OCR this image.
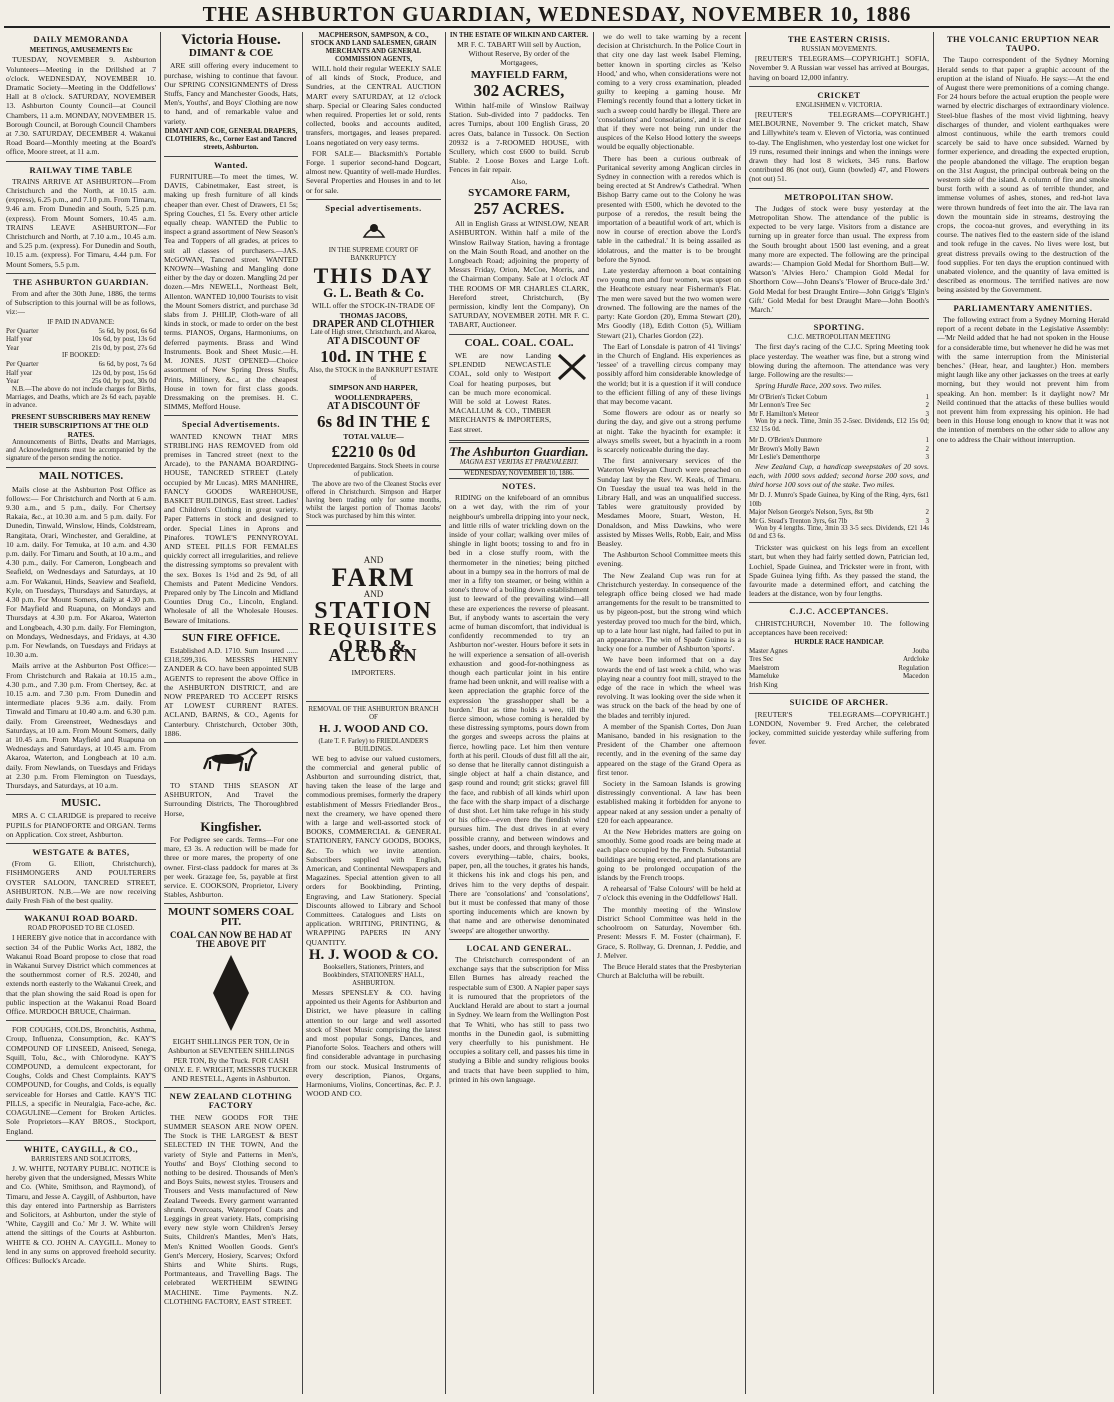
THE ASHBURTON GUARDIAN, WEDNESDAY, NOVEMBER 10, 1886
DAILY MEMORANDA
MEETINGS, AMUSEMENTS Etc

TUESDAY, NOVEMBER 9. Ashburton Volunteers—Meeting in the Drillshed at 7 o'clock. WEDNESDAY, NOVEMBER 10. Dramatic Society—Meeting in the Oddfellows' Hall at 8 o'clock. SATURDAY, NOVEMBER 13. Ashburton County Council—at Council Chambers, 11 a.m. MONDAY, NOVEMBER 15. Borough Council, at Borough Council Chambers at 7.30. SATURDAY, DECEMBER 4. Wakanui Road Board—Monthly meeting at the Board's office, Moore street, at 11 a.m.

RAILWAY TIME TABLE

TRAINS ARRIVE AT ASHBURTON—From Christchurch and the North, at 10.15 a.m. (express), 6.25 p.m., and 7.10 p.m. From Timaru, 9.46 a.m. From Dunedin and South, 5.25 p.m. (express). From Mount Somers, 10.45 a.m. TRAINS LEAVE ASHBURTON—For Christchurch and North, at 7.10 a.m., 10.45 a.m. and 5.25 p.m. (express). For Dunedin and South, 10.15 a.m. (express). For Timaru, 4.44 p.m. For Mount Somers, 5.5 p.m.

THE ASHBURTON GUARDIAN.

From and after the 30th June, 1886, the terms of Subscription to this journal will be as follows, viz:—

IF PAID IN ADVANCE:
Per Quarter	5s 6d, by post, 6s 6d
Half year	10s 6d, by post, 13s 6d
Year	21s 0d, by post, 27s 6d
IF BOOKED:
Per Quarter	6s 6d, by post, 7s 6d
Half year	12s 0d, by post, 15s 6d
Year	25s 0d, by post, 30s 0d

N.B.—The above do not include charges for Births, Marriages, and Deaths, which are 2s 6d each, payable in advance.

PRESENT SUBSCRIBERS MAY RENEW THEIR SUBSCRIPTIONS AT THE OLD RATES.

Announcements of Births, Deaths and Marriages, and Acknowledgments must be accompanied by the signature of the person sending the notice.

MAIL NOTICES.

Mails close at the Ashburton Post Office as follows:— For Christchurch and North at 6 a.m. 9.30 a.m., and 5 p.m., daily. For Chertsey Rakaia, &c., at 10.30 a.m. and 5 p.m. daily. For Dunedin, Tinwald, Winslow, Hinds, Coldstream, Rangitata, Orari, Winchester, and Geraldine, at 10 a.m. daily. For Temuka, at 10 a.m. and 4.30 p.m. daily. For Timaru and South, at 10 a.m., and 4.30 p.m., daily. For Cameron, Longbeach and Seafield, on Wednesdays and Saturdays, at 10 a.m. For Wakanui, Hinds, Seaview and Seafield, Kyle, on Tuesdays, Thursdays and Saturdays, at 4.30 p.m. For Mount Somers, daily at 4.30 p.m. For Mayfield and Ruapuna, on Mondays and Thursdays at 4.30 p.m. For Akaroa, Waterton and Longbeach, 4.30 p.m. daily. For Flemington, on Mondays, Wednesdays, and Fridays, at 4.30 p.m. For Newlands, on Tuesdays and Fridays at 10.30 a.m.

Mails arrive at the Ashburton Post Office:— From Christchurch and Rakaia at 10.15 a.m., 4.30 p.m., and 7.30 p.m. From Chertsey, &c. at 10.15 a.m. and 7.30 p.m. From Dunedin and intermediate places 9.36 a.m. daily. From Tinwald and Timaru at 10.40 a.m. and 6.30 p.m. daily. From Greenstreet, Wednesdays and Saturdays, at 10 a.m. From Mount Somers, daily at 10.45 a.m. From Mayfield and Ruapuna on Wednesdays and Saturdays, at 10.45 a.m. From Akaroa, Waterton, and Longbeach at 10 a.m. daily. From Newlands, on Tuesdays and Fridays at 2.30 p.m. From Flemington on Tuesdays, Thursdays, and Saturdays, at 10 a.m.

MUSIC.

MRS A. C CLARIDGE is prepared to receive PUPILS for PIANOFORTE and ORGAN. Terms on Application. Cox street, Ashburton.

WESTGATE & BATES,

(From G. Elliott, Christchurch), FISHMONGERS AND POULTERERS OYSTER SALOON, TANCRED STREET, ASHBURTON. N.B.—We are now receiving daily Fresh Fish of the best quality.

WAKANUI ROAD BOARD.
ROAD PROPOSED TO BE CLOSED.

I HEREBY give notice that in accordance with section 34 of the Public Works Act, 1882, the Wakanui Road Board propose to close that road in Wakanui Survey District which commences at the southernmost corner of R.S. 20240, and extends north easterly to the Wakanui Creek, and that the plan showing the said Road is open for public inspection at the Wakanui Road Board Office. MURDOCH BRUCE, Chairman.

FOR COUGHS, COLDS, Bronchitis, Asthma, Croup, Influenza, Consumption, &c. KAY'S COMPOUND OF LINSEED, Aniseed, Senega, Squill, Tolu, &c., with Chlorodyne. KAY'S COMPOUND, a demulcent expectorant, for Coughs, Colds and Chest Complaints. KAY'S COMPOUND, for Coughs, and Colds, is equally serviceable for Horses and Cattle. KAY'S TIC PILLS, a specific in Neuralgia, Face-ache, &c. COAGULINE—Cement for Broken Articles. Sole Proprietors—KAY BROS., Stockport, England.

WHITE, CAYGILL, & CO.,
BARRISTERS AND SOLICITORS,

J. W. WHITE, NOTARY PUBLIC. NOTICE is hereby given that the undersigned, Messrs White and Co. (White, Smithson, and Raymond), of Timaru, and Jesse A. Caygill, of Ashburton, have this day entered into Partnership as Barristers and Solicitors, at Ashburton, under the style of 'White, Caygill and Co.' Mr J. W. White will attend the sittings of the Courts at Ashburton. WHITE & CO. JOHN A. CAYGILL. Money to lend in any sums on approved freehold security. Offices: Bullock's Arcade.

Victoria House.
DIMANT & COE

ARE still offering every inducement to purchase, wishing to continue that favour. Our SPRING CONSIGNMENTS of Dress Stuffs, Fancy and Manchester Goods, Hats, Men's, Youths', and Boys' Clothing are now to hand, and of remarkable value and variety.

DIMANT AND COE, GENERAL DRAPERS, CLOTHIERS, &c., Corner East and Tancred streets, Ashburton.
Wanted.

FURNITURE—To meet the times, W. DAVIS, Cabinetmaker, East street, is making up fresh furniture of all kinds cheaper than ever. Chest of Drawers, £1 5s; Spring Couches, £1 5s. Every other article equally cheap. WANTED the Public to inspect a grand assortment of New Season's Tea and Toppers of all grades, at prices to suit all classes of purchasers.—JAS. McGOWAN, Tancred street. WANTED KNOWN—Washing and Mangling done either by the day or dozen. Mangling 2d per dozen.—Mrs NEWELL, Northeast Belt, Allenton. WANTED 10,000 Tourists to visit the Mount Somers district, and purchase 3d slabs from J. PHILIP, Cloth-ware of all kinds in stock, or made to order on the best terms. PIANOS, Organs, Harmoniums, on deferred payments. Brass and Wind Instruments. Book and Sheet Music.—H. M. JONES. JUST OPENED—Choice assortment of New Spring Dress Stuffs, Prints, Millinery, &c., at the cheapest House in town for first class goods. Dressmaking on the premises. H. C. SIMMS, Mefford House.

Special Advertisements.

WANTED KNOWN THAT MRS STRIBLING HAS REMOVED from old premises in Tancred street (next to the Arcade), to the PANAMA BOARDING-HOUSE, TANCRED STREET (Lately occupied by Mr Lucas). MRS MANHIRE, FANCY GOODS WAREHOUSE, BASKET BUILDINGS, East street. Ladies' and Children's Clothing in great variety. Paper Patterns in stock and designed to order. Special Lines in Aprons and Pinafores. TOWLE'S PENNYROYAL AND STEEL PILLS FOR FEMALES quickly correct all irregularities, and relieve the distressing symptoms so prevalent with the sex. Boxes 1s 1½d and 2s 9d, of all Chemists and Patent Medicine Vendors. Prepared only by The Lincoln and Midland Counties Drug Co., Lincoln, England. Wholesale of all the Wholesale Houses. Beware of Imitations.

SUN FIRE OFFICE.

Established A.D. 1710. Sum Insured ...... £318,599,316. MESSRS HENRY ZANDER & CO. have been appointed SUB AGENTS to represent the above Office in the ASHBURTON DISTRICT, and are NOW PREPARED TO ACCEPT RISKS AT LOWEST CURRENT RATES. ACLAND, BARNS, & CO., Agents for Canterbury. Christchurch, October 30th, 1886.

TO STAND THIS SEASON AT ASHBURTON, And Travel the Surrounding Districts, The Thoroughbred Horse,

Kingfisher.

For Pedigree see cards. Terms—For one mare, £3 3s. A reduction will be made for three or more mares, the property of one owner. First-class paddock for mares at 3s per week. Grazage fee, 5s, payable at first service. E. COOKSON, Proprietor, Livery Stables, Ashburton.

MOUNT SOMERS COAL PIT.
COAL CAN NOW BE HAD AT THE ABOVE PIT

EIGHT SHILLINGS PER TON, Or in Ashburton at SEVENTEEN SHILLINGS PER TON, By the Truck. FOR CASH ONLY. E. F. WRIGHT, MESSRS TUCKER AND RESTELL, Agents in Ashburton.

NEW ZEALAND CLOTHING FACTORY

THE NEW GOODS FOR THE SUMMER SEASON ARE NOW OPEN. The Stock is THE LARGEST & BEST SELECTED IN THE TOWN, And the variety of Style and Patterns in Men's, Youths' and Boys' Clothing second to nothing to be desired. Thousands of Men's and Boys Suits, newest styles. Trousers and Trousers and Vests manufactured of New Zealand Tweeds. Every garment warranted shrunk. Overcoats, Waterproof Coats and Leggings in great variety. Hats, comprising every new style worn Children's Jersey Suits, Children's Mantles, Men's Hats, Men's Knitted Woollen Goods. Gent's Gent's Mercery, Hosiery, Scarves; Oxford Shirts and White Shirts. Rugs, Portmanteaus, and Travelling Bags. The celebrated WERTHEIM SEWING MACHINE. Time Payments. N.Z. CLOTHING FACTORY, EAST STREET.

MACPHERSON, SAMPSON, & CO., STOCK AND LAND SALESMEN, GRAIN MERCHANTS AND GENERAL COMMISSION AGENTS,

WILL hold their regular WEEKLY SALE of all kinds of Stock, Produce, and Sundries, at the CENTRAL AUCTION MART every SATURDAY, at 12 o'clock sharp. Special or Clearing Sales conducted when required. Properties let or sold, rents collected, books and accounts audited, transfers, mortgages, and leases prepared. Loans negotiated on very easy terms.

FOR SALE— Blacksmith's Portable Forge. 1 superior second-hand Dogcart, almost new. Quantity of well-made Hurdles. Several Properties and Houses in and to let or for sale.

Special advertisements.
IN THE SUPREME COURT OF BANKRUPTCY
THIS DAY
G. L. Beath & Co.
WILL offer the STOCK-IN-TRADE OF
THOMAS JACOBS,
DRAPER AND CLOTHIER
Late of High street, Christchurch, and Akaroa,
AT A DISCOUNT OF
10d. IN THE £
Also, the STOCK in the BANKRUPT ESTATE of
SIMPSON AND HARPER, WOOLLENDRAPERS,
AT A DISCOUNT OF
6s 8d IN THE £
TOTAL VALUE—
£2210 0s 0d

Unprecedented Bargains. Stock Sheets in course of publication.

The above are two of the Cleanest Stocks ever offered in Christchurch. Simpson and Harper having been trading only for some months, whilst the largest portion of Thomas Jacobs' Stock was purchased by him this winter.

AND
FARM
AND
STATION
REQUISITES
ORR & ALCORN
IMPORTERS.
REMOVAL OF THE ASHBURTON BRANCH OF
H. J. WOOD AND CO.
(Late T. F. Farley) to FRIEDLANDER'S BUILDINGS.

WE beg to advise our valued customers, the commercial and general public of Ashburton and surrounding district, that, having taken the lease of the large and commodious premises, formerly the drapery establishment of Messrs Friedlander Bros., next the creamery, we have opened there with a large and well-assorted stock of BOOKS, COMMERCIAL & GENERAL STATIONERY, FANCY GOODS, BOOKS, &c. To which we invite attention. Subscribers supplied with English, American, and Continental Newspapers and Magazines. Special attention given to all orders for Bookbinding, Printing, Engraving, and Law Stationery. Special Discounts allowed to Library and School Committees. Catalogues and Lists on application. WRITING, PRINTING, & WRAPPING PAPERS IN ANY QUANTITY.

H. J. WOOD & CO.
Booksellers, Stationers, Printers, and Bookbinders, STATIONERS' HALL, ASHBURTON.

Messrs SPENSLEY & CO. having appointed us their Agents for Ashburton and District, we have pleasure in calling attention to our large and well assorted stock of Sheet Music comprising the latest and most popular Songs, Dances, and Pianoforte Solos. Teachers and others will find considerable advantage in purchasing from our stock. Musical Instruments of every description, Pianos, Organs, Harmoniums, Violins, Concertinas, &c. P. J. WOOD AND CO.

IN THE ESTATE OF WILKIN AND CARTER.

MR F. C. TABART Will sell by Auction, Without Reserve, By order of the Mortgagees,

MAYFIELD FARM,
302 ACRES,

Within half-mile of Winslow Railway Station. Sub-divided into 7 paddocks. Ten acres Turnips, about 100 English Grass, 20 acres Oats, balance in Tussock. On Section 20932 is a 7-ROOMED HOUSE, with Scullery, which cost £600 to build. Scrub Stable. 2 Loose Boxes and Large Loft. Fences in fair repair.

Also,
SYCAMORE FARM,
257 ACRES.

All in English Grass at WINSLOW, NEAR ASHBURTON. Within half a mile of the Winslow Railway Station, having a frontage on the Main South Road, and another on the Longbeach Road; adjoining the property of Messrs Friday, Orion, McCoe, Morris, and the Chairman Company. Sale at 1 o'clock AT THE ROOMS OF MR CHARLES CLARK, Hereford street, Christchurch, (By permission, kindly lent the Company), On SATURDAY, NOVEMBER 20TH. MR F. C. TABART, Auctioneer.

COAL. COAL. COAL.

WE are now Landing SPLENDID NEWCASTLE COAL, sold only to Westport Coal for heating purposes, but can be much more economical. Will be sold at Lowest Rates. MACALLUM & CO., TIMBER MERCHANTS & IMPORTERS, East street.

The Ashburton Guardian.
MAGNA EST VERITAS ET PRAEVALEBIT.
WEDNESDAY, NOVEMBER 10, 1886.
NOTES.

RIDING on the knifeboard of an omnibus on a wet day, with the rim of your neighbour's umbrella dripping into your neck, and little rills of water trickling down on the inside of your collar; walking over miles of shingle in light boots; tossing to and fro in bed in a close stuffy room, with the thermometer in the nineties; being pitched about in a bumpy sea in the horrors of mal de mer in a fifty ton steamer, or being within a stone's throw of a boiling down establishment just to leeward of the prevailing wind—all these are experiences the reverse of pleasant. But, if anybody wants to ascertain the very acme of human discomfort, that individual is confidently recommended to try an Ashburton nor'-wester. Hours before it sets in he will experience a sensation of all-overish exhaustion and good-for-nothingness as though each particular joint in his entire frame had been unknit, and will realise with a keen appreciation the graphic force of the expression 'the grasshopper shall be a burden.' But as time holds a wee, till the fierce simoon, whose coming is heralded by these distressing symptoms, pours down from the gorges and sweeps across the plains at fierce, howling pace. Let him then venture forth at his peril. Clouds of dust fill all the air, so dense that he literally cannot distinguish a single object at half a chain distance, and gasp round and round; grit sticks; gravel fill the face, and rubbish of all kinds whirl upon the face with the sharp impact of a discharge of dust shot. Let him take refuge in his study or his office—even there the fiendish wind pursues him. The dust drives in at every possible cranny, and between windows and sashes, under doors, and through keyholes. It covers everything—table, chairs, books, paper, pen, all the touches, it grates his hands, it thickens his ink and clogs his pen, and drives him to the very depths of despair. There are 'consolations' and 'consolations', but it must be confessed that many of those sporting inducements which are known by that name and are otherwise denominated 'sweeps' are altogether unworthy.

LOCAL AND GENERAL.

The Christchurch correspondent of an exchange says that the subscription for Miss Ellen Burnes has already reached the respectable sum of £300. A Napier paper says it is rumoured that the proprietors of the Auckland Herald are about to start a journal in Sydney. We learn from the Wellington Post that Te Whiti, who has still to pass two months in the Dunedin gaol, is submitting very cheerfully to his punishment. He occupies a solitary cell, and passes his time in studying a Bible and sundry religious books and tracts that have been supplied to him, printed in his own language.

we do well to take warning by a recent decision at Christchurch. In the Police Court in that city one day last week Isabel Fleming, better known in sporting circles as 'Kelso Hood,' and who, when considerations were not coming to a very cross examination, pleaded guilty to keeping a gaming house. Mr Fleming's recently found that a lottery ticket in such a sweep could hardly be illegal. There are 'consolations' and 'consolations', and it is clear that if they were not being run under the auspices of the Kelso Hood lottery the sweeps would be equally objectionable.

There has been a curious outbreak of Puritanical severity among Anglican circles in Sydney in connection with a reredos which is being erected at St Andrew's Cathedral. 'When Bishop Barry came out to the Colony he was presented with £500, which he devoted to the purpose of a reredos, the result being the importation of a beautiful work of art, which is now in course of erection above the Lord's table in the cathedral.' It is being assailed as idolatrous, and the matter is to be brought before the Synod.

Late yesterday afternoon a boat containing two young men and four women, was upset on the Heathcote estuary near Fisherman's Flat. The men were saved but the two women were drowned. The following are the names of the party: Kate Gordon (20), Emma Stewart (20), Mrs Goodly (18), Edith Cotton (5), William Stewart (21), Charles Gordon (22).

The Earl of Lonsdale is patron of 41 'livings' in the Church of England. His experiences as 'lessee' of a travelling circus company may possibly afford him considerable knowledge of the world; but it is a question if it will conduce to the efficient filling of any of these livings that may become vacant.

Some flowers are odour as or nearly so during the day, and give out a strong perfume at night. Take the hyacinth for example: it always smells sweet, but a hyacinth in a room is scarcely noticeable during the day.

The first anniversary services of the Waterton Wesleyan Church were preached on Sunday last by the Rev. W. Keals, of Timaru. On Tuesday the usual tea was held in the Library Hall, and was an unqualified success. Tables were gratuitously provided by Mesdames Moore, Stuart, Weston, H. Donaldson, and Miss Dawkins, who were assisted by Misses Wells, Robb, Eair, and Miss Beasley.

The Ashburton School Committee meets this evening.

The New Zealand Cup was run for at Christchurch yesterday. In consequence of the telegraph office being closed we had made arrangements for the result to be transmitted to us by pigeon-post, but the strong wind which yesterday proved too much for the bird, which, up to a late hour last night, had failed to put in an appearance. The win of Spade Guinea is a lucky one for a number of Ashburton 'sports'.

We have been informed that on a day towards the end of last week a child, who was playing near a country foot mill, strayed to the edge of the race in which the wheel was revolving. It was looking over the side when it was struck on the back of the head by one of the blades and terribly injured.

A member of the Spanish Cortes, Don Juan Manisano, banded in his resignation to the President of the Chamber one afternoon recently, and in the evening of the same day appeared on the stage of the Grand Opera as first tenor.

Society in the Samoan Islands is growing distressingly conventional. A law has been established making it forbidden for anyone to appear naked at any session under a penalty of £20 for each appearance.

At the New Hebrides matters are going on smoothly. Some good roads are being made at each place occupied by the French. Substantial buildings are being erected, and plantations are going to be prolonged occupation of the islands by the French troops.

A rehearsal of 'False Colours' will be held at 7 o'clock this evening in the Oddfellows' Hall.

The monthly meeting of the Winslow District School Committee was held in the schoolroom on Saturday, November 6th. Present: Messrs F. M. Foster (chairman), F. Grace, S. Rollway, G. Drennan, J. Peddie, and J. Melver.

The Bruce Herald states that the Presbyterian Church at Balclutha will be rebuilt.

THE EASTERN CRISIS.
RUSSIAN MOVEMENTS.

[REUTER'S TELEGRAMS—COPYRIGHT.] SOFIA, November 9. A Russian war vessel has arrived at Bourgas, having on board 12,000 infantry.

CRICKET
ENGLISHMEN v. VICTORIA.

[REUTER'S TELEGRAMS—COPYRIGHT.] MELBOURNE, November 9. The cricket match, Shaw and Lillywhite's team v. Eleven of Victoria, was continued to-day. The Englishmen, who yesterday lost one wicket for 19 runs, resumed their innings and when the innings were drawn they had lost 8 wickets, 345 runs. Barlow contributed 86 (not out), Gunn (bowled) 47, and Flowers (not out) 51.

METROPOLITAN SHOW.

The Judges of stock were busy yesterday at the Metropolitan Show. The attendance of the public is expected to be very large. Visitors from a distance are turning up in greater force than usual. The express from the South brought about 1500 last evening, and a great many more are expected. The following are the principal awards:— Champion Gold Medal for Shorthorn Bull—W. Watson's 'Alvies Hero.' Champion Gold Medal for Shorthorn Cow—John Deans's 'Flower of Bruce-dale 3rd.' Gold Medal for best Draught Entire—John Grigg's 'Elgin's Gift.' Gold Medal for best Draught Mare—John Booth's 'March.'

SPORTING.
C.J.C. METROPOLITAN MEETING

The first day's racing of the C.J.C. Spring Meeting took place yesterday. The weather was fine, but a strong wind blowing during the afternoon. The attendance was very large. Following are the results:—

Spring Hurdle Race, 200 sovs. Two miles.

Mr O'Brien's Ticket Coburn	1
Mr Lennon's Tree Sec	2
Mr F. Hamilton's Meteor	3

Won by a neck. Time, 3min 35 2-5sec. Dividends, £12 15s 0d; £32 15s 0d.

Mr D. O'Brien's Dunmore	1
Mr Brown's Molly Bawn	2
Mr Leslie's Dementhorpe	3

New Zealand Cup, a handicap sweepstakes of 20 sovs. each, with 1000 sovs added; second horse 200 sovs, and third horse 100 sovs out of the stake. Two miles.

Mr D. J. Munro's Spade Guinea, by King of the Ring, 4yrs, 6st 10lb
1
Major Nelson George's Nelson, 5yrs, 8st 9lb	2
Mr G. Stead's Trenton 3yrs, 6st 7lb	3

Won by 4 lengths. Time, 3min 33 3-5 secs. Dividends, £21 14s 0d and £3 6s.

Trickster was quickest on his legs from an excellent start, but when they had fairly settled down, Patrician led, Lochiel, Spade Guinea, and Trickster were in front, with Spade Guinea lying fifth. As they passed the stand, the favourite made a determined effort, and catching the leaders at the distance, won by four lengths.

C.J.C. ACCEPTANCES.

CHRISTCHURCH, November 10. The following acceptances have been received:

HURDLE RACE HANDICAP.
Master Agnes	Jouba
Tres Sec	Ardcloke
Maelstrom	Regulation
Mameluke	Macedon
Irish King
SUICIDE OF ARCHER.

[REUTER'S TELEGRAMS—COPYRIGHT.] LONDON, November 9. Fred Archer, the celebrated jockey, committed suicide yesterday while suffering from fever.

THE VOLCANIC ERUPTION NEAR TAUPO.

The Taupo correspondent of the Sydney Morning Herald sends to that paper a graphic account of the eruption at the island of Niuafo. He says:—At the end of August there were premonitions of a coming change. For 24 hours before the actual eruption the people were warned by electric discharges of extraordinary violence. Steel-blue flashes of the most vivid lightning, heavy discharges of thunder, and violent earthquakes were almost continuous, while the earth tremors could scarcely be said to have once subsided. Warned by former experience, and dreading the expected eruption, the people abandoned the village. The eruption began on the 31st August, the principal outbreak being on the western side of the island. A column of fire and smoke burst forth with a sound as of terrible thunder, and immense volumes of ashes, stones, and red-hot lava were thrown hundreds of feet into the air. The lava ran down the mountain side in streams, destroying the crops, the cocoa-nut groves, and everything in its course. The natives fled to the eastern side of the island and took refuge in the caves. No lives were lost, but great distress prevails owing to the destruction of the food supplies. For ten days the eruption continued with unabated violence, and the quantity of lava emitted is described as enormous. The terrified natives are now being assisted by the Government.

PARLIAMENTARY AMENITIES.

The following extract from a Sydney Morning Herald report of a recent debate in the Legislative Assembly:—'Mr Neild added that he had not spoken in the House for a considerable time, but whenever he did he was met with the same interruption from the Ministerial benches.' (Hear, hear, and laughter.) Hon. members might laugh like any other jackasses on the trees at early morning, but they would not prevent him from speaking. An hon. member: Is it daylight now? Mr Neild continued that the attacks of these bullies would not prevent him from expressing his opinion. He had been in this House long enough to know that it was not the intention of members on the other side to allow any one to address the Chair without interruption.
